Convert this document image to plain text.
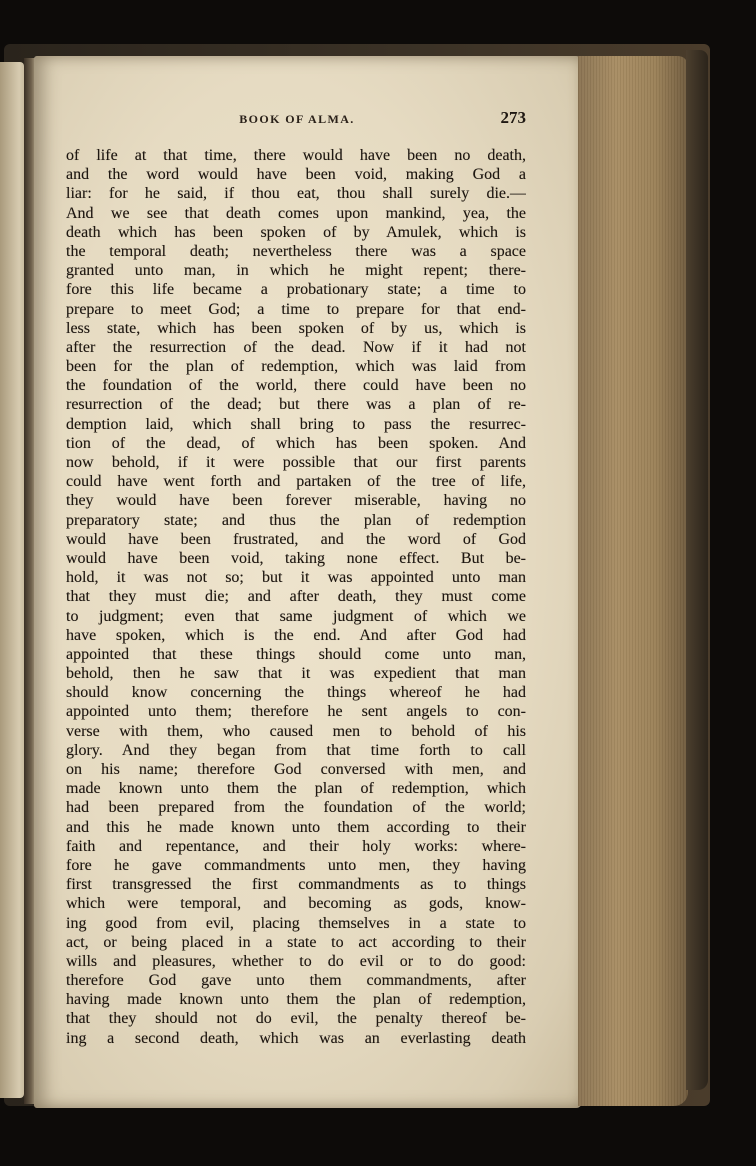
BOOK OF ALMA.	273
of life at that time, there would have been no death,
and the word would have been void, making God a
liar: for he said, if thou eat, thou shall surely die.—
And we see that death comes upon mankind, yea, the
death which has been spoken of by Amulek, which is
the temporal death; nevertheless there was a space
granted unto man, in which he might repent; there-
fore this life became a probationary state; a time to
prepare to meet God; a time to prepare for that end-
less state, which has been spoken of by us, which is
after the resurrection of the dead. Now if it had not
been for the plan of redemption, which was laid from
the foundation of the world, there could have been no
resurrection of the dead; but there was a plan of re-
demption laid, which shall bring to pass the resurrec-
tion of the dead, of which has been spoken. And
now behold, if it were possible that our first parents
could have went forth and partaken of the tree of life,
they would have been forever miserable, having no
preparatory state; and thus the plan of redemption
would have been frustrated, and the word of God
would have been void, taking none effect. But be-
hold, it was not so; but it was appointed unto man
that they must die; and after death, they must come
to judgment; even that same judgment of which we
have spoken, which is the end. And after God had
appointed that these things should come unto man,
behold, then he saw that it was expedient that man
should know concerning the things whereof he had
appointed unto them; therefore he sent angels to con-
verse with them, who caused men to behold of his
glory. And they began from that time forth to call
on his name; therefore God conversed with men, and
made known unto them the plan of redemption, which
had been prepared from the foundation of the world;
and this he made known unto them according to their
faith and repentance, and their holy works: where-
fore he gave commandments unto men, they having
first transgressed the first commandments as to things
which were temporal, and becoming as gods, know-
ing good from evil, placing themselves in a state to
act, or being placed in a state to act according to their
wills and pleasures, whether to do evil or to do good:
therefore God gave unto them commandments, after
having made known unto them the plan of redemption,
that they should not do evil, the penalty thereof be-
ing a second death, which was an everlasting death
